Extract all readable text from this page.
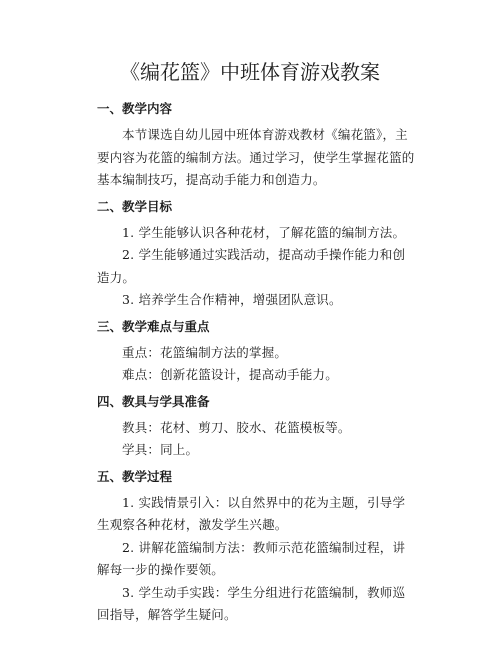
《编花篮》中班体育游戏教案
一、教学内容

本节课选自幼儿园中班体育游戏教材《编花篮》，主要内容为花篮的编制方法。通过学习，使学生掌握花篮的基本编制技巧，提高动手能力和创造力。

二、教学目标

1. 学生能够认识各种花材，了解花篮的编制方法。

2. 学生能够通过实践活动，提高动手操作能力和创造力。

3. 培养学生合作精神，增强团队意识。

三、教学难点与重点

重点：花篮编制方法的掌握。

难点：创新花篮设计，提高动手能力。

四、教具与学具准备

教具：花材、剪刀、胶水、花篮模板等。

学具：同上。

五、教学过程

1. 实践情景引入：以自然界中的花为主题，引导学生观察各种花材，激发学生兴趣。

2. 讲解花篮编制方法：教师示范花篮编制过程，讲解每一步的操作要领。

3. 学生动手实践：学生分组进行花篮编制，教师巡回指导，解答学生疑问。
